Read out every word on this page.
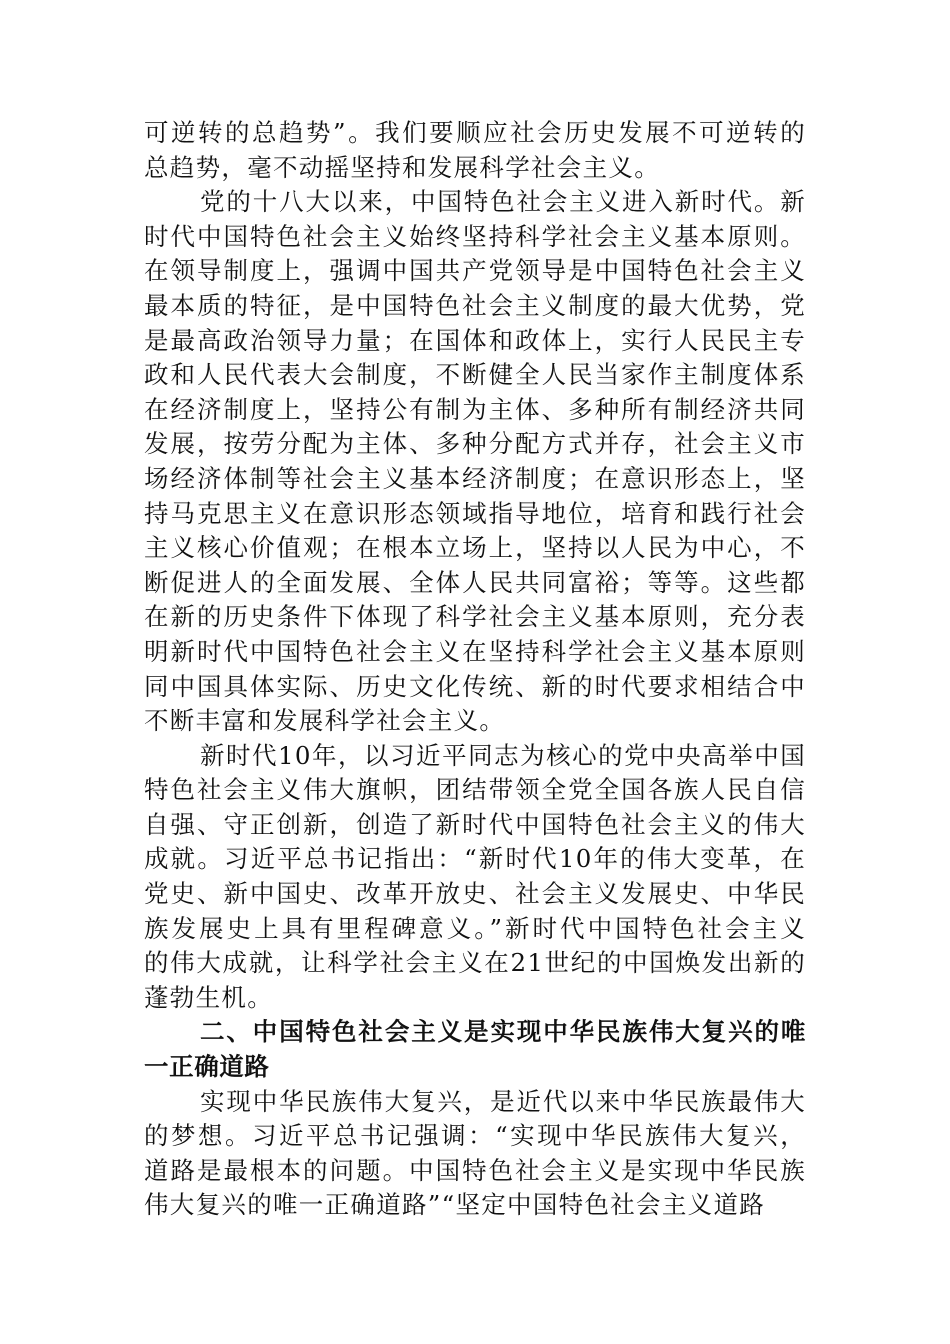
可逆转的总趋势”。我们要顺应社会历史发展不可逆转的
总趋势，毫不动摇坚持和发展科学社会主义。
党的十八大以来，中国特色社会主义进入新时代。新
时代中国特色社会主义始终坚持科学社会主义基本原则。
在领导制度上，强调中国共产党领导是中国特色社会主义
最本质的特征，是中国特色社会主义制度的最大优势，党
是最高政治领导力量；在国体和政体上，实行人民民主专
政和人民代表大会制度，不断健全人民当家作主制度体系
在经济制度上，坚持公有制为主体、多种所有制经济共同
发展，按劳分配为主体、多种分配方式并存，社会主义市
场经济体制等社会主义基本经济制度；在意识形态上，坚
持马克思主义在意识形态领域指导地位，培育和践行社会
主义核心价值观；在根本立场上，坚持以人民为中心，不
断促进人的全面发展、全体人民共同富裕；等等。这些都
在新的历史条件下体现了科学社会主义基本原则，充分表
明新时代中国特色社会主义在坚持科学社会主义基本原则
同中国具体实际、历史文化传统、新的时代要求相结合中
不断丰富和发展科学社会主义。
新时代10年，以习近平同志为核心的党中央高举中国
特色社会主义伟大旗帜，团结带领全党全国各族人民自信
自强、守正创新，创造了新时代中国特色社会主义的伟大
成就。习近平总书记指出：“新时代10年的伟大变革，在
党史、新中国史、改革开放史、社会主义发展史、中华民
族发展史上具有里程碑意义。”新时代中国特色社会主义
的伟大成就，让科学社会主义在21世纪的中国焕发出新的
蓬勃生机。
二、中国特色社会主义是实现中华民族伟大复兴的唯
一正确道路
实现中华民族伟大复兴，是近代以来中华民族最伟大
的梦想。习近平总书记强调：“实现中华民族伟大复兴，
道路是最根本的问题。中国特色社会主义是实现中华民族
伟大复兴的唯一正确道路”“坚定中国特色社会主义道路
